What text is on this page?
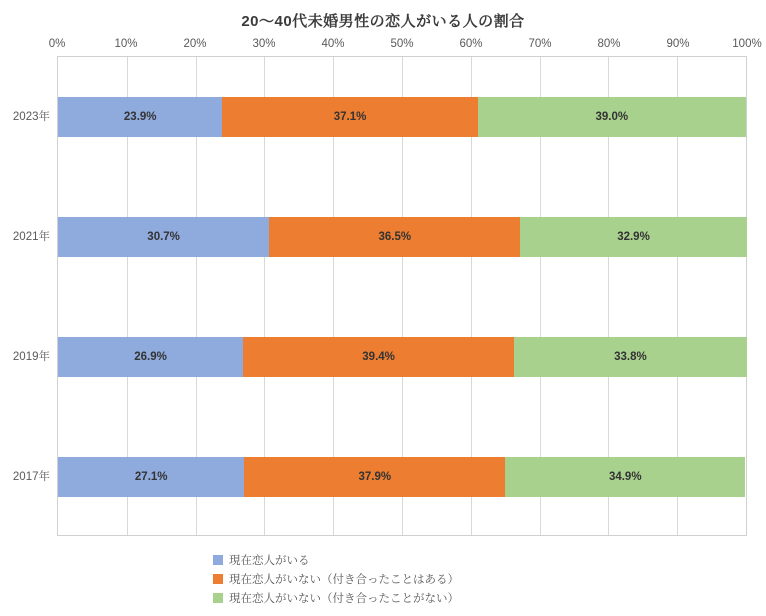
20〜40代未婚男性の恋人がいる人の割合
0%	10%	20%	30%	40%	50%	60%	70%	80%	90%	100%
23.9%	37.1%	39.0%
30.7%	36.5%	32.9%
26.9%	39.4%	33.8%
27.1%	37.9%	34.9%
2023年
2021年
2019年
2017年
現在恋人がいる
現在恋人がいない（付き合ったことはある）
現在恋人がいない（付き合ったことがない）
